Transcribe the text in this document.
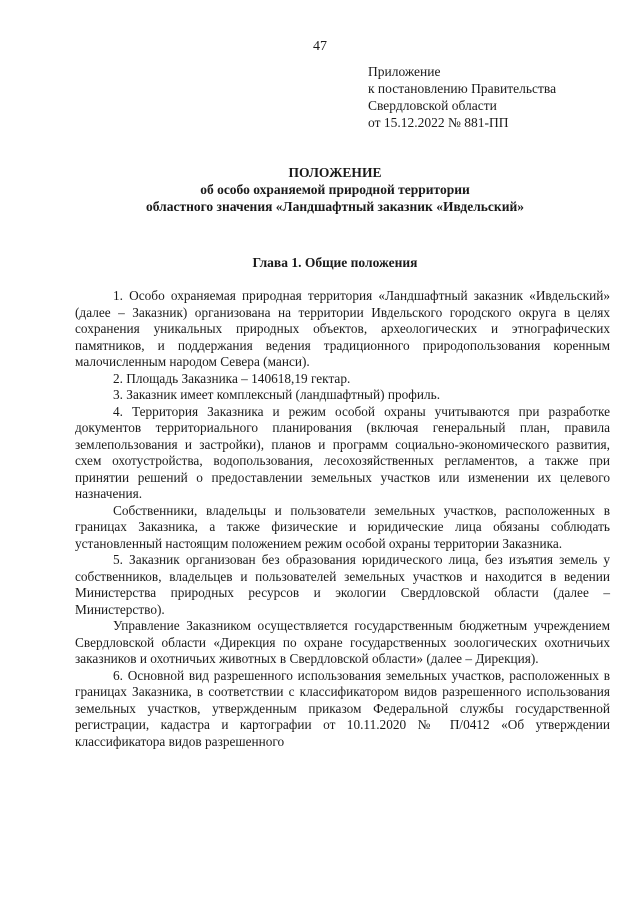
47
Приложение
к постановлению Правительства
Свердловской области
от 15.12.2022 № 881-ПП
ПОЛОЖЕНИЕ
об особо охраняемой природной территории
областного значения «Ландшафтный заказник «Ивдельский»
Глава 1. Общие положения

1. Особо охраняемая природная территория «Ландшафтный заказник «Ивдельский» (далее – Заказник) организована на территории Ивдельского городского округа в целях сохранения уникальных природных объектов, археологических и этнографических памятников, и поддержания ведения традиционного природопользования коренным малочисленным народом Севера (манси).

2. Площадь Заказника – 140618,19 гектар.

3. Заказник имеет комплексный (ландшафтный) профиль.

4. Территория Заказника и режим особой охраны учитываются при разработке документов территориального планирования (включая генеральный план, правила землепользования и застройки), планов и программ социально-экономического развития, схем охотустройства, водопользования, лесохозяйственных регламентов, а также при принятии решений о предоставлении земельных участков или изменении их целевого назначения.

Собственники, владельцы и пользователи земельных участков, расположенных в границах Заказника, а также физические и юридические лица обязаны соблюдать установленный настоящим положением режим особой охраны территории Заказника.

5. Заказник организован без образования юридического лица, без изъятия земель у собственников, владельцев и пользователей земельных участков и находится в ведении Министерства природных ресурсов и экологии Свердловской области (далее – Министерство).

Управление Заказником осуществляется государственным бюджетным учреждением Свердловской области «Дирекция по охране государственных зоологических охотничьих заказников и охотничьих животных в Свердловской области» (далее – Дирекция).

6. Основной вид разрешенного использования земельных участков, расположенных в границах Заказника, в соответствии с классификатором видов разрешенного использования земельных участков, утвержденным приказом Федеральной службы государственной регистрации, кадастра и картографии от 10.11.2020 № П/0412 «Об утверждении классификатора видов разрешенного
